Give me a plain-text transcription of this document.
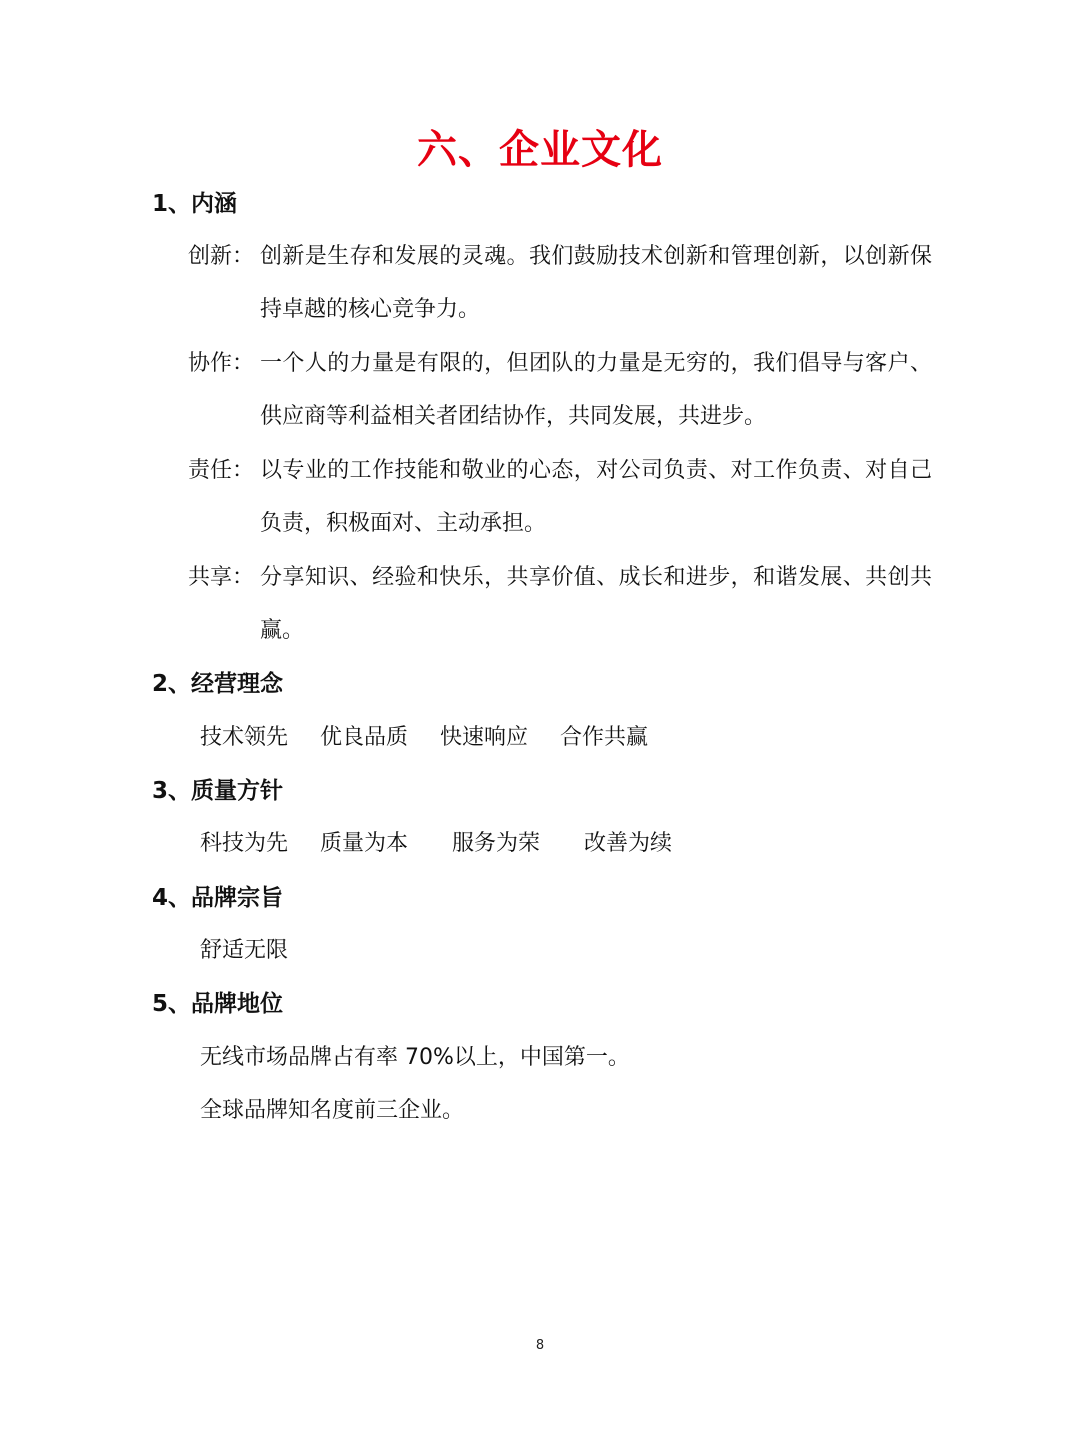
六、企业文化
1、内涵
创新： 创新是生存和发展的灵魂。我们鼓励技术创新和管理创新，以创新保持卓越的核心竞争力。
协作： 一个人的力量是有限的，但团队的力量是无穷的，我们倡导与客户、供应商等利益相关者团结协作，共同发展，共进步。
责任： 以专业的工作技能和敬业的心态，对公司负责、对工作负责、对自己负责，积极面对、主动承担。
共享： 分享知识、经验和快乐，共享价值、成长和进步，和谐发展、共创共赢。
2、经营理念
技术领先 优良品质 快速响应 合作共赢
3、质量方针
科技为先 质量为本 服务为荣 改善为续
4、品牌宗旨
舒适无限
5、品牌地位
无线市场品牌占有率 70%以上，中国第一。
全球品牌知名度前三企业。
8
